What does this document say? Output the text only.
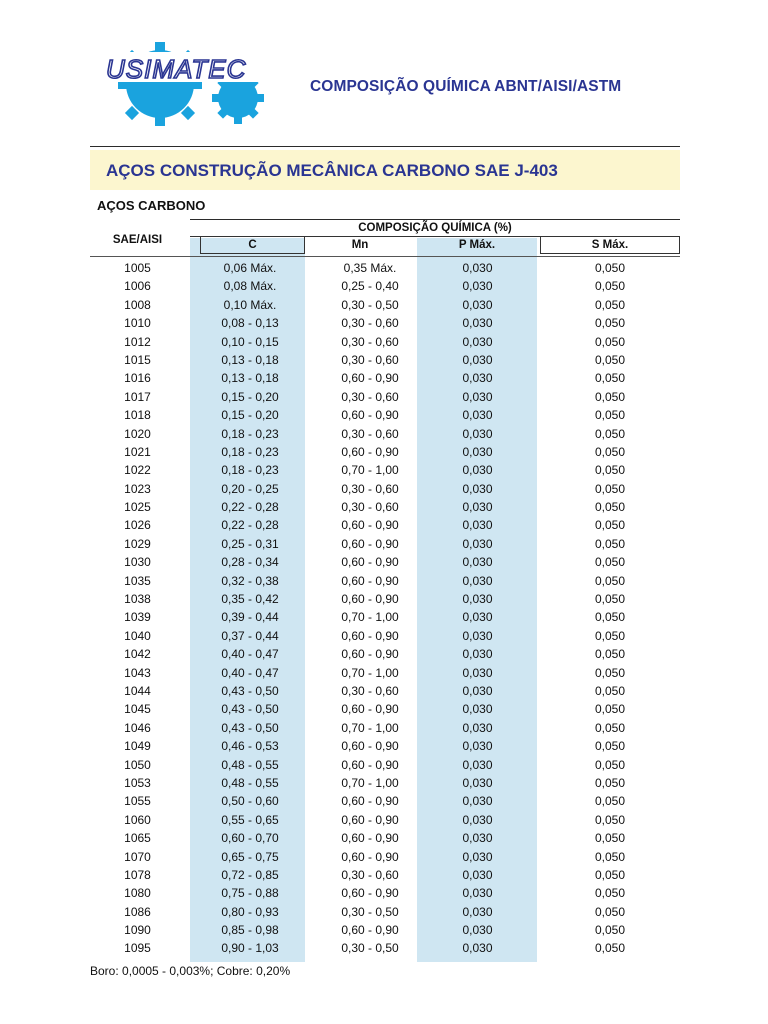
USIMATEC
COMPOSIÇÃO QUÍMICA ABNT/AISI/ASTM
AÇOS CONSTRUÇÃO MECÂNICA CARBONO SAE J-403
AÇOS CARBONO
COMPOSIÇÃO QUÍMICA (%)
SAE/AISI	C	Mn	P Máx.	S Máx.
1005	0,06 Máx.	0,35 Máx.	0,030	0,050
1006	0,08 Máx.	0,25 - 0,40	0,030	0,050
1008	0,10 Máx.	0,30 - 0,50	0,030	0,050
1010	0,08 - 0,13	0,30 - 0,60	0,030	0,050
1012	0,10 - 0,15	0,30 - 0,60	0,030	0,050
1015	0,13 - 0,18	0,30 - 0,60	0,030	0,050
1016	0,13 - 0,18	0,60 - 0,90	0,030	0,050
1017	0,15 - 0,20	0,30 - 0,60	0,030	0,050
1018	0,15 - 0,20	0,60 - 0,90	0,030	0,050
1020	0,18 - 0,23	0,30 - 0,60	0,030	0,050
1021	0,18 - 0,23	0,60 - 0,90	0,030	0,050
1022	0,18 - 0,23	0,70 - 1,00	0,030	0,050
1023	0,20 - 0,25	0,30 - 0,60	0,030	0,050
1025	0,22 - 0,28	0,30 - 0,60	0,030	0,050
1026	0,22 - 0,28	0,60 - 0,90	0,030	0,050
1029	0,25 - 0,31	0,60 - 0,90	0,030	0,050
1030	0,28 - 0,34	0,60 - 0,90	0,030	0,050
1035	0,32 - 0,38	0,60 - 0,90	0,030	0,050
1038	0,35 - 0,42	0,60 - 0,90	0,030	0,050
1039	0,39 - 0,44	0,70 - 1,00	0,030	0,050
1040	0,37 - 0,44	0,60 - 0,90	0,030	0,050
1042	0,40 - 0,47	0,60 - 0,90	0,030	0,050
1043	0,40 - 0,47	0,70 - 1,00	0,030	0,050
1044	0,43 - 0,50	0,30 - 0,60	0,030	0,050
1045	0,43 - 0,50	0,60 - 0,90	0,030	0,050
1046	0,43 - 0,50	0,70 - 1,00	0,030	0,050
1049	0,46 - 0,53	0,60 - 0,90	0,030	0,050
1050	0,48 - 0,55	0,60 - 0,90	0,030	0,050
1053	0,48 - 0,55	0,70 - 1,00	0,030	0,050
1055	0,50 - 0,60	0,60 - 0,90	0,030	0,050
1060	0,55 - 0,65	0,60 - 0,90	0,030	0,050
1065	0,60 - 0,70	0,60 - 0,90	0,030	0,050
1070	0,65 - 0,75	0,60 - 0,90	0,030	0,050
1078	0,72 - 0,85	0,30 - 0,60	0,030	0,050
1080	0,75 - 0,88	0,60 - 0,90	0,030	0,050
1086	0,80 - 0,93	0,30 - 0,50	0,030	0,050
1090	0,85 - 0,98	0,60 - 0,90	0,030	0,050
1095	0,90 - 1,03	0,30 - 0,50	0,030	0,050
Boro: 0,0005 - 0,003%; Cobre: 0,20%
